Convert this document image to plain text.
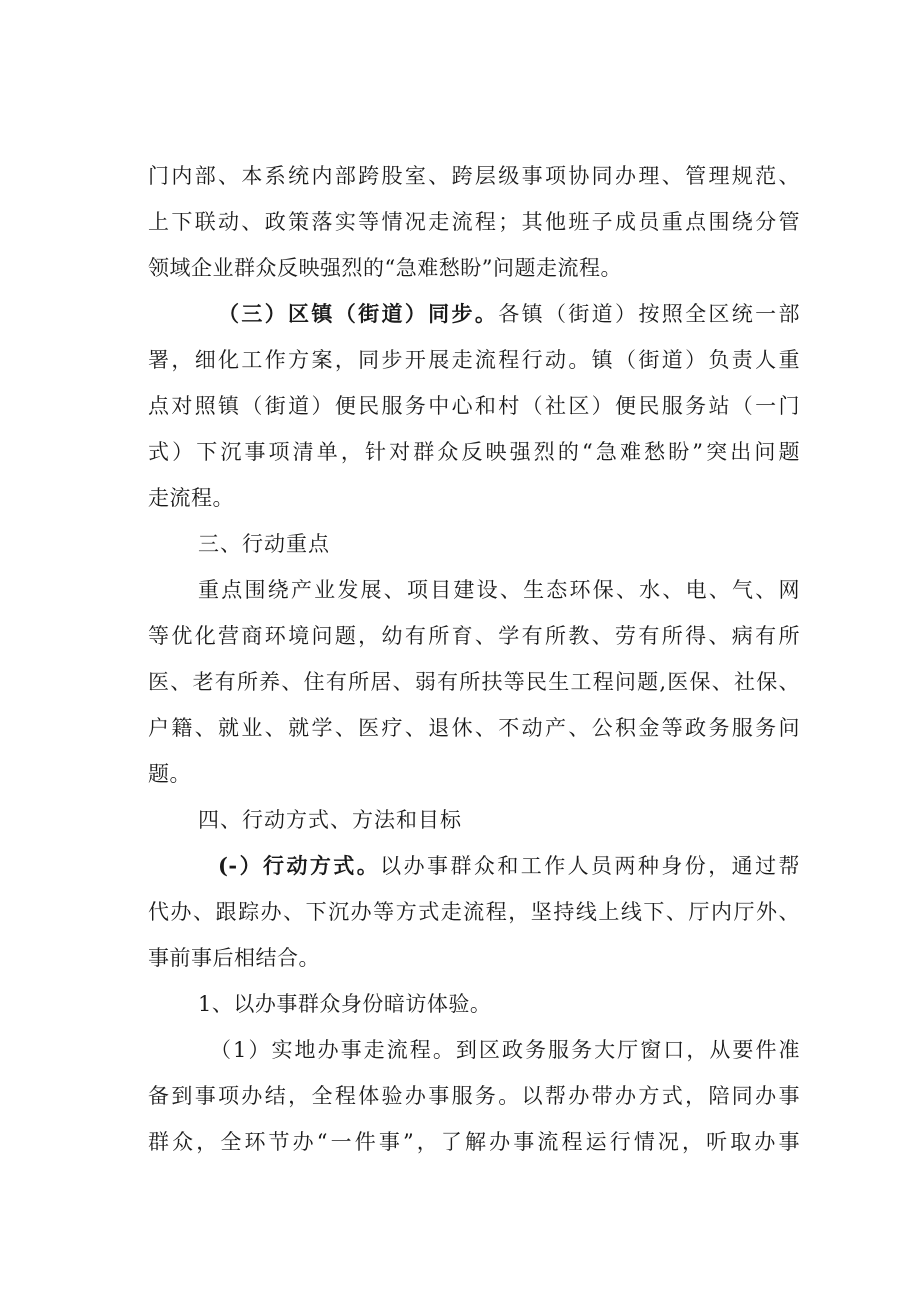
门内部、本系统内部跨股室、跨层级事项协同办理、管理规范、
上下联动、政策落实等情况走流程；其他班子成员重点围绕分管
领域企业群众反映强烈的“急难愁盼”问题走流程。
（三）区镇（街道）同步。各镇（街道）按照全区统一部
署，细化工作方案，同步开展走流程行动。镇（街道）负责人重
点对照镇（街道）便民服务中心和村（社区）便民服务站（一门
式）下沉事项清单，针对群众反映强烈的“急难愁盼”突出问题
走流程。
三、行动重点
重点围绕产业发展、项目建设、生态环保、水、电、气、网
等优化营商环境问题，幼有所育、学有所教、劳有所得、病有所
医、老有所养、住有所居、弱有所扶等民生工程问题,医保、社保、
户籍、就业、就学、医疗、退休、不动产、公积金等政务服务问
题。
四、行动方式、方法和目标
(-）行动方式。以办事群众和工作人员两种身份，通过帮
代办、跟踪办、下沉办等方式走流程，坚持线上线下、厅内厅外、
事前事后相结合。
1、以办事群众身份暗访体验。
（1）实地办事走流程。到区政务服务大厅窗口，从要件准
备到事项办结，全程体验办事服务。以帮办带办方式，陪同办事
群众，全环节办“一件事”，了解办事流程运行情况，听取办事
